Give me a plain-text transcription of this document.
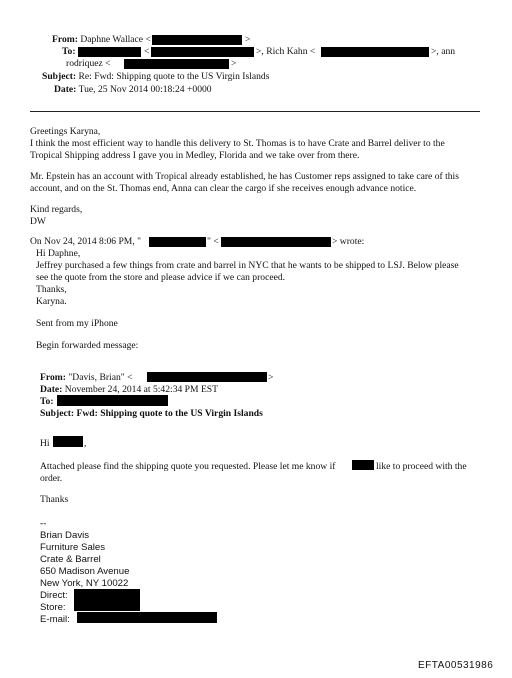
From: Daphne Wallace <	>
To:	<	>, Rich Kahn <	>, ann
rodriquez <	>
Subject: Re: Fwd: Shipping quote to the US Virgin Islands
Date: Tue, 25 Nov 2014 00:18:24 +0000
Greetings Karyna,
I think the most efficient way to handle this delivery to St. Thomas is to have Crate and Barrel deliver to the
Tropical Shipping address I gave you in Medley, Florida and we take over from there.
Mr. Epstein has an account with Tropical already established, he has Customer reps assigned to take care of this
account, and on the St. Thomas end, Anna can clear the cargo if she receives enough advance notice.
Kind regards,
DW
On Nov 24, 2014 8:06 PM, "	" <	> wrote:
Hi Daphne,
Jeffrey purchased a few things from crate and barrel in NYC that he wants to be shipped to LSJ. Below please
see the quote from the store and please advice if we can proceed.
Thanks,
Karyna.
Sent from my iPhone
Begin forwarded message:
From: "Davis, Brian" <	>
Date: November 24, 2014 at 5:42:34 PM EST
To:
Subject: Fwd: Shipping quote to the US Virgin Islands
Hi	,
Attached please find the shipping quote you requested. Please let me know if	like to proceed with the
order.
Thanks
--
Brian Davis
Furniture Sales
Crate & Barrel
650 Madison Avenue
New York, NY 10022
Direct:
Store:
E-mail:
EFTA00531986
